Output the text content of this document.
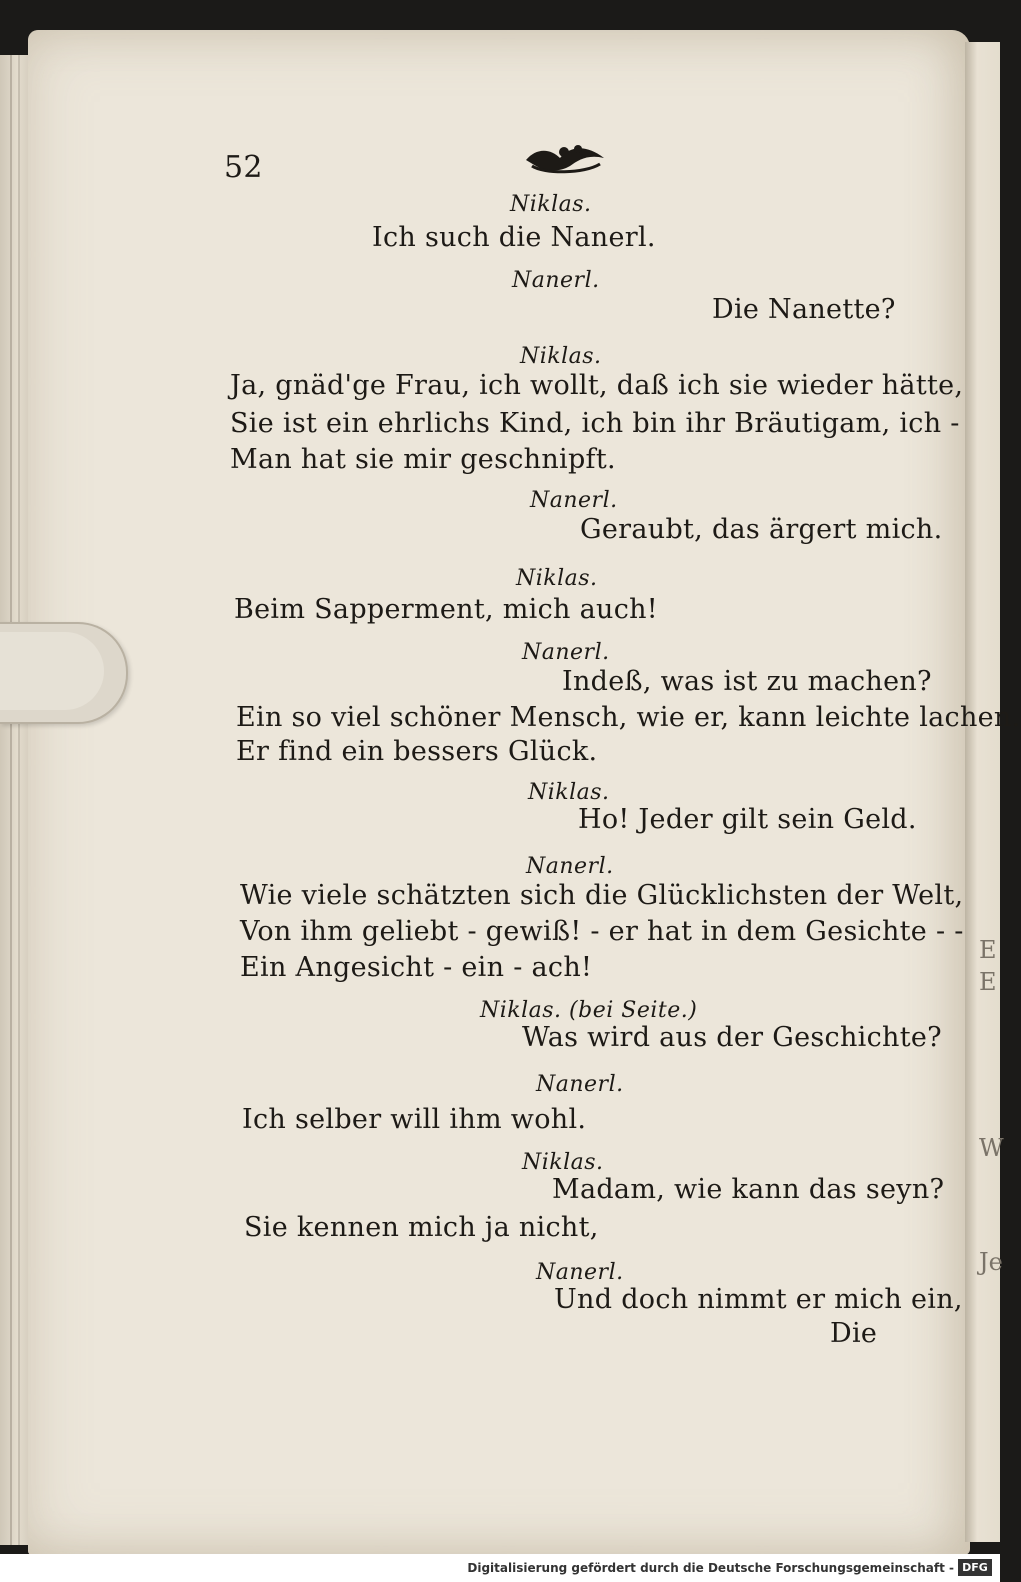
E
E
W
Je
52
Niklas.
Ich such die Nanerl.
Nanerl.
Die Nanette?
Niklas.
Ja, gnäd'ge Frau, ich wollt, daß ich sie wieder hätte,
Sie ist ein ehrlichs Kind, ich bin ihr Bräutigam, ich -
Man hat sie mir geschnipft.
Nanerl.
Geraubt, das ärgert mich.
Niklas.
Beim Sapperment, mich auch!
Nanerl.
Indeß, was ist zu machen?
Ein so viel schöner Mensch, wie er, kann leichte lachen.
Er find ein bessers Glück.
Niklas.
Ho! Jeder gilt sein Geld.
Nanerl.
Wie viele schätzten sich die Glücklichsten der Welt,
Von ihm geliebt - gewiß! - er hat in dem Gesichte - -
Ein Angesicht - ein - ach!
Niklas. (bei Seite.)
Was wird aus der Geschichte?
Nanerl.
Ich selber will ihm wohl.
Niklas.
Madam, wie kann das seyn?
Sie kennen mich ja nicht,
Nanerl.
Und doch nimmt er mich ein,
Die
Digitalisierung gefördert durch die Deutsche Forschungsgemeinschaft -
DFG
